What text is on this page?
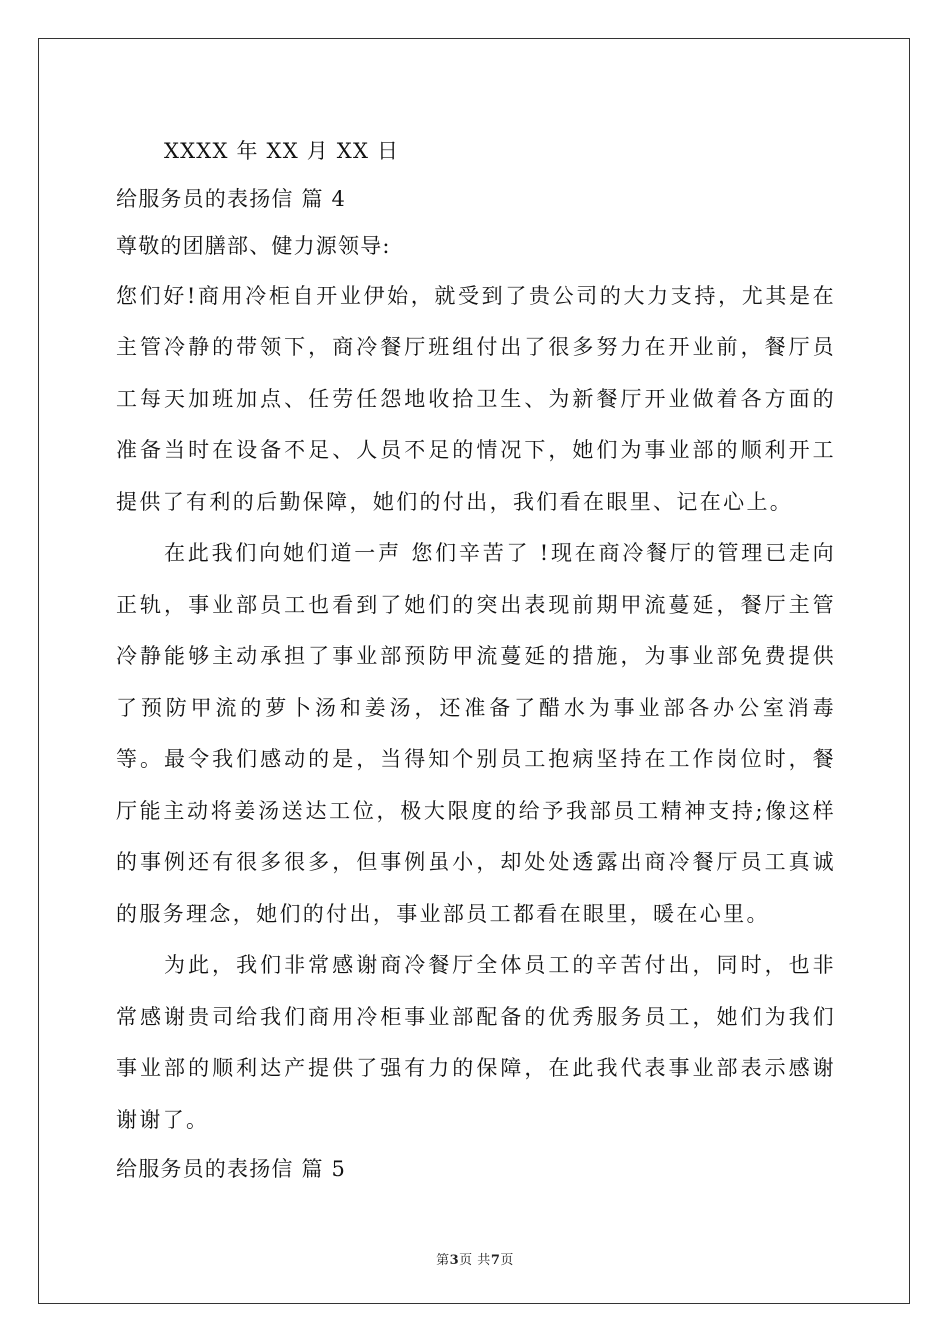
XXXX 年 XX 月 XX 日
给服务员的表扬信 篇 4
尊敬的团膳部、健力源领导:
您们好!商用冷柜自开业伊始，就受到了贵公司的大力支持，尤其是在主管冷静的带领下，商冷餐厅班组付出了很多努力在开业前，餐厅员工每天加班加点、任劳任怨地收拾卫生、为新餐厅开业做着各方面的准备当时在设备不足、人员不足的情况下，她们为事业部的顺利开工提供了有利的后勤保障，她们的付出，我们看在眼里、记在心上。
在此我们向她们道一声 您们辛苦了 !现在商冷餐厅的管理已走向正轨，事业部员工也看到了她们的突出表现前期甲流蔓延，餐厅主管冷静能够主动承担了事业部预防甲流蔓延的措施，为事业部免费提供了预防甲流的萝卜汤和姜汤，还准备了醋水为事业部各办公室消毒等。最令我们感动的是，当得知个别员工抱病坚持在工作岗位时，餐厅能主动将姜汤送达工位，极大限度的给予我部员工精神支持;像这样的事例还有很多很多，但事例虽小，却处处透露出商冷餐厅员工真诚的服务理念，她们的付出，事业部员工都看在眼里，暖在心里。
为此，我们非常感谢商冷餐厅全体员工的辛苦付出，同时，也非常感谢贵司给我们商用冷柜事业部配备的优秀服务员工，她们为我们事业部的顺利达产提供了强有力的保障，在此我代表事业部表示感谢谢谢了。
给服务员的表扬信 篇 5
第3页 共7页
